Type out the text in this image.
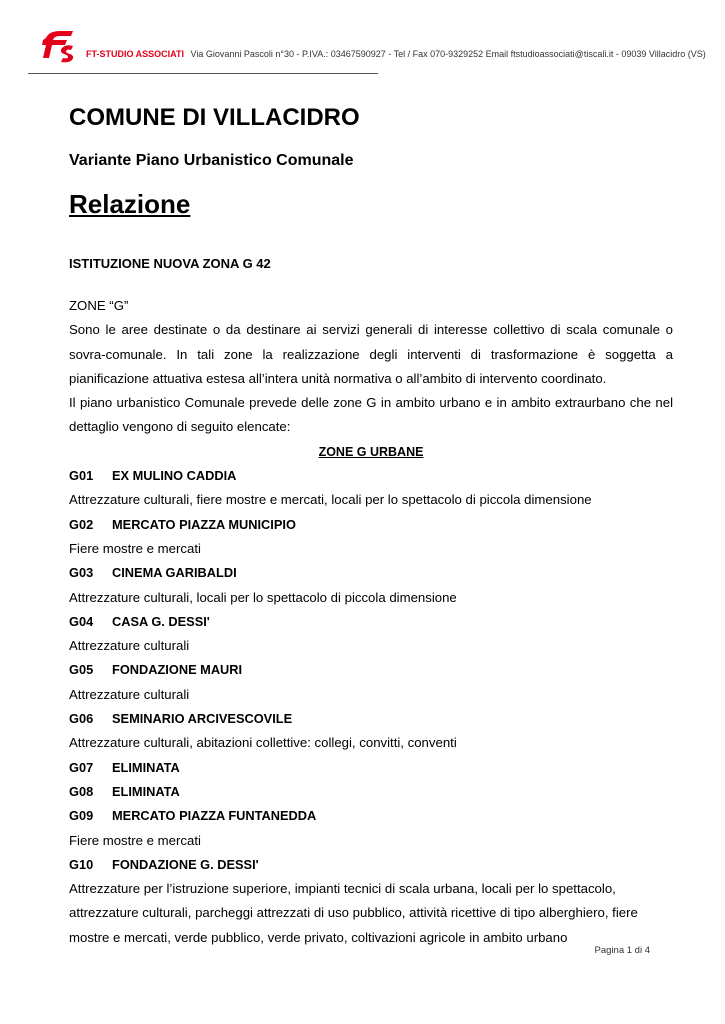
ft
FT-STUDIO ASSOCIATI Via Giovanni Pascoli n°30 - P.IVA.: 03467590927 - Tel / Fax 070-9329252 Email ftstudioassociati@tiscali.it - 09039 Villacidro (VS)
COMUNE DI VILLACIDRO
Variante Piano Urbanistico Comunale
Relazione
ISTITUZIONE NUOVA ZONA G 42

ZONE “G”

Sono le aree destinate o da destinare ai servizi generali di interesse collettivo di scala comunale o sovra-comunale. In tali zone la realizzazione degli interventi di trasformazione è soggetta a pianificazione attuativa estesa all’intera unità normativa o all’ambito di intervento coordinato.

Il piano urbanistico Comunale prevede delle zone G in ambito urbano e in ambito extraurbano che nel dettaglio vengono di seguito elencate:

ZONE G URBANE

G01 EX MULINO CADDIA

Attrezzature culturali, fiere mostre e mercati, locali per lo spettacolo di piccola dimensione

G02 MERCATO PIAZZA MUNICIPIO

Fiere mostre e mercati

G03 CINEMA GARIBALDI

Attrezzature culturali, locali per lo spettacolo di piccola dimensione

G04 CASA G. DESSI'

Attrezzature culturali

G05 FONDAZIONE MAURI

Attrezzature culturali

G06 SEMINARIO ARCIVESCOVILE

Attrezzature culturali, abitazioni collettive: collegi, convitti, conventi

G07 ELIMINATA

G08 ELIMINATA

G09 MERCATO PIAZZA FUNTANEDDA

Fiere mostre e mercati

G10 FONDAZIONE G. DESSI'

Attrezzature per l’istruzione superiore, impianti tecnici di scala urbana, locali per lo spettacolo, attrezzature culturali, parcheggi attrezzati di uso pubblico, attività ricettive di tipo alberghiero, fiere mostre e mercati, verde pubblico, verde privato, coltivazioni agricole in ambito urbano

Pagina 1 di 4
